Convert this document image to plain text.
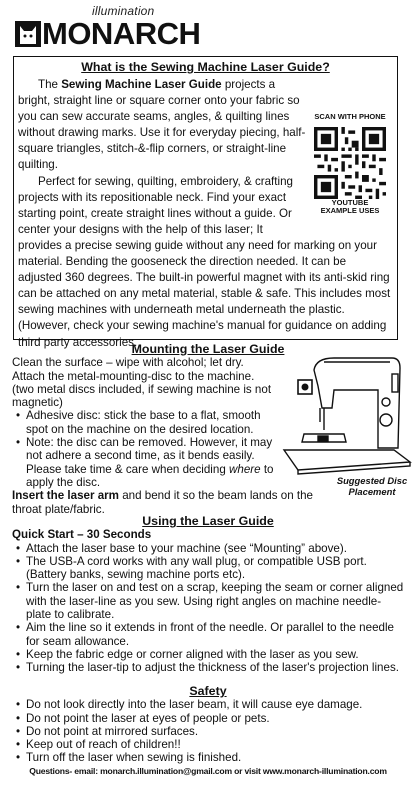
illumination
MONARCH
What is the Sewing Machine Laser Guide?
SCAN WITH PHONE
YOUTUBE
EXAMPLE USES

The Sewing Machine Laser Guide projects a bright, straight line or square corner onto your fabric so you can sew accurate seams, angles, & quilting lines without drawing marks. Use it for everyday piecing, half-square triangles, stitch-&-flip corners, or straight-line quilting.

Perfect for sewing, quilting, embroidery, & crafting projects with its repositionable neck. Find your exact starting point, create straight lines without a guide. Or center your designs with the help of this laser; It provides a precise sewing guide without any need for marking on your material. Bending the gooseneck the direction needed. It can be adjusted 360 degrees. The built-in powerful magnet with its anti-skid ring can be attached on any metal material, stable & safe. This includes most sewing machines with underneath metal underneath the plastic. (However, check your sewing machine's manual for guidance on adding third party accessories.

Mounting the Laser Guide

Clean the surface – wipe with alcohol; let dry.

Attach the metal-mounting-disc to the machine.

(two metal discs included, if sewing machine is not magnetic)

• Adhesive disc: stick the base to a flat, smooth spot on the machine on the desired location.
• Note: the disc can be removed. However, it may not adhere a second time, as it bends easily. Please take time & care when deciding where to apply the disc.

Insert the laser arm and bend it so the beam lands on the throat plate/fabric.

Suggested Disc Placement
Using the Laser Guide

Quick Start – 30 Seconds

• Attach the laser base to your machine (see “Mounting” above).
• The USB-A cord works with any wall plug, or compatible USB port. (Battery banks, sewing machine ports etc).
• Turn the laser on and test on a scrap, keeping the seam or corner aligned with the laser-line as you sew. Using right angles on machine needle-plate to calibrate.
• Aim the line so it extends in front of the needle. Or parallel to the needle for seam allowance.
• Keep the fabric edge or corner aligned with the laser as you sew.
• Turning the laser-tip to adjust the thickness of the laser's projection lines.
Safety
• Do not look directly into the laser beam, it will cause eye damage.
• Do not point the laser at eyes of people or pets.
• Do not point at mirrored surfaces.
• Keep out of reach of children!!
• Turn off the laser when sewing is finished.
Questions- email: monarch.illumination@gmail.com or visit www.monarch-illumination.com
